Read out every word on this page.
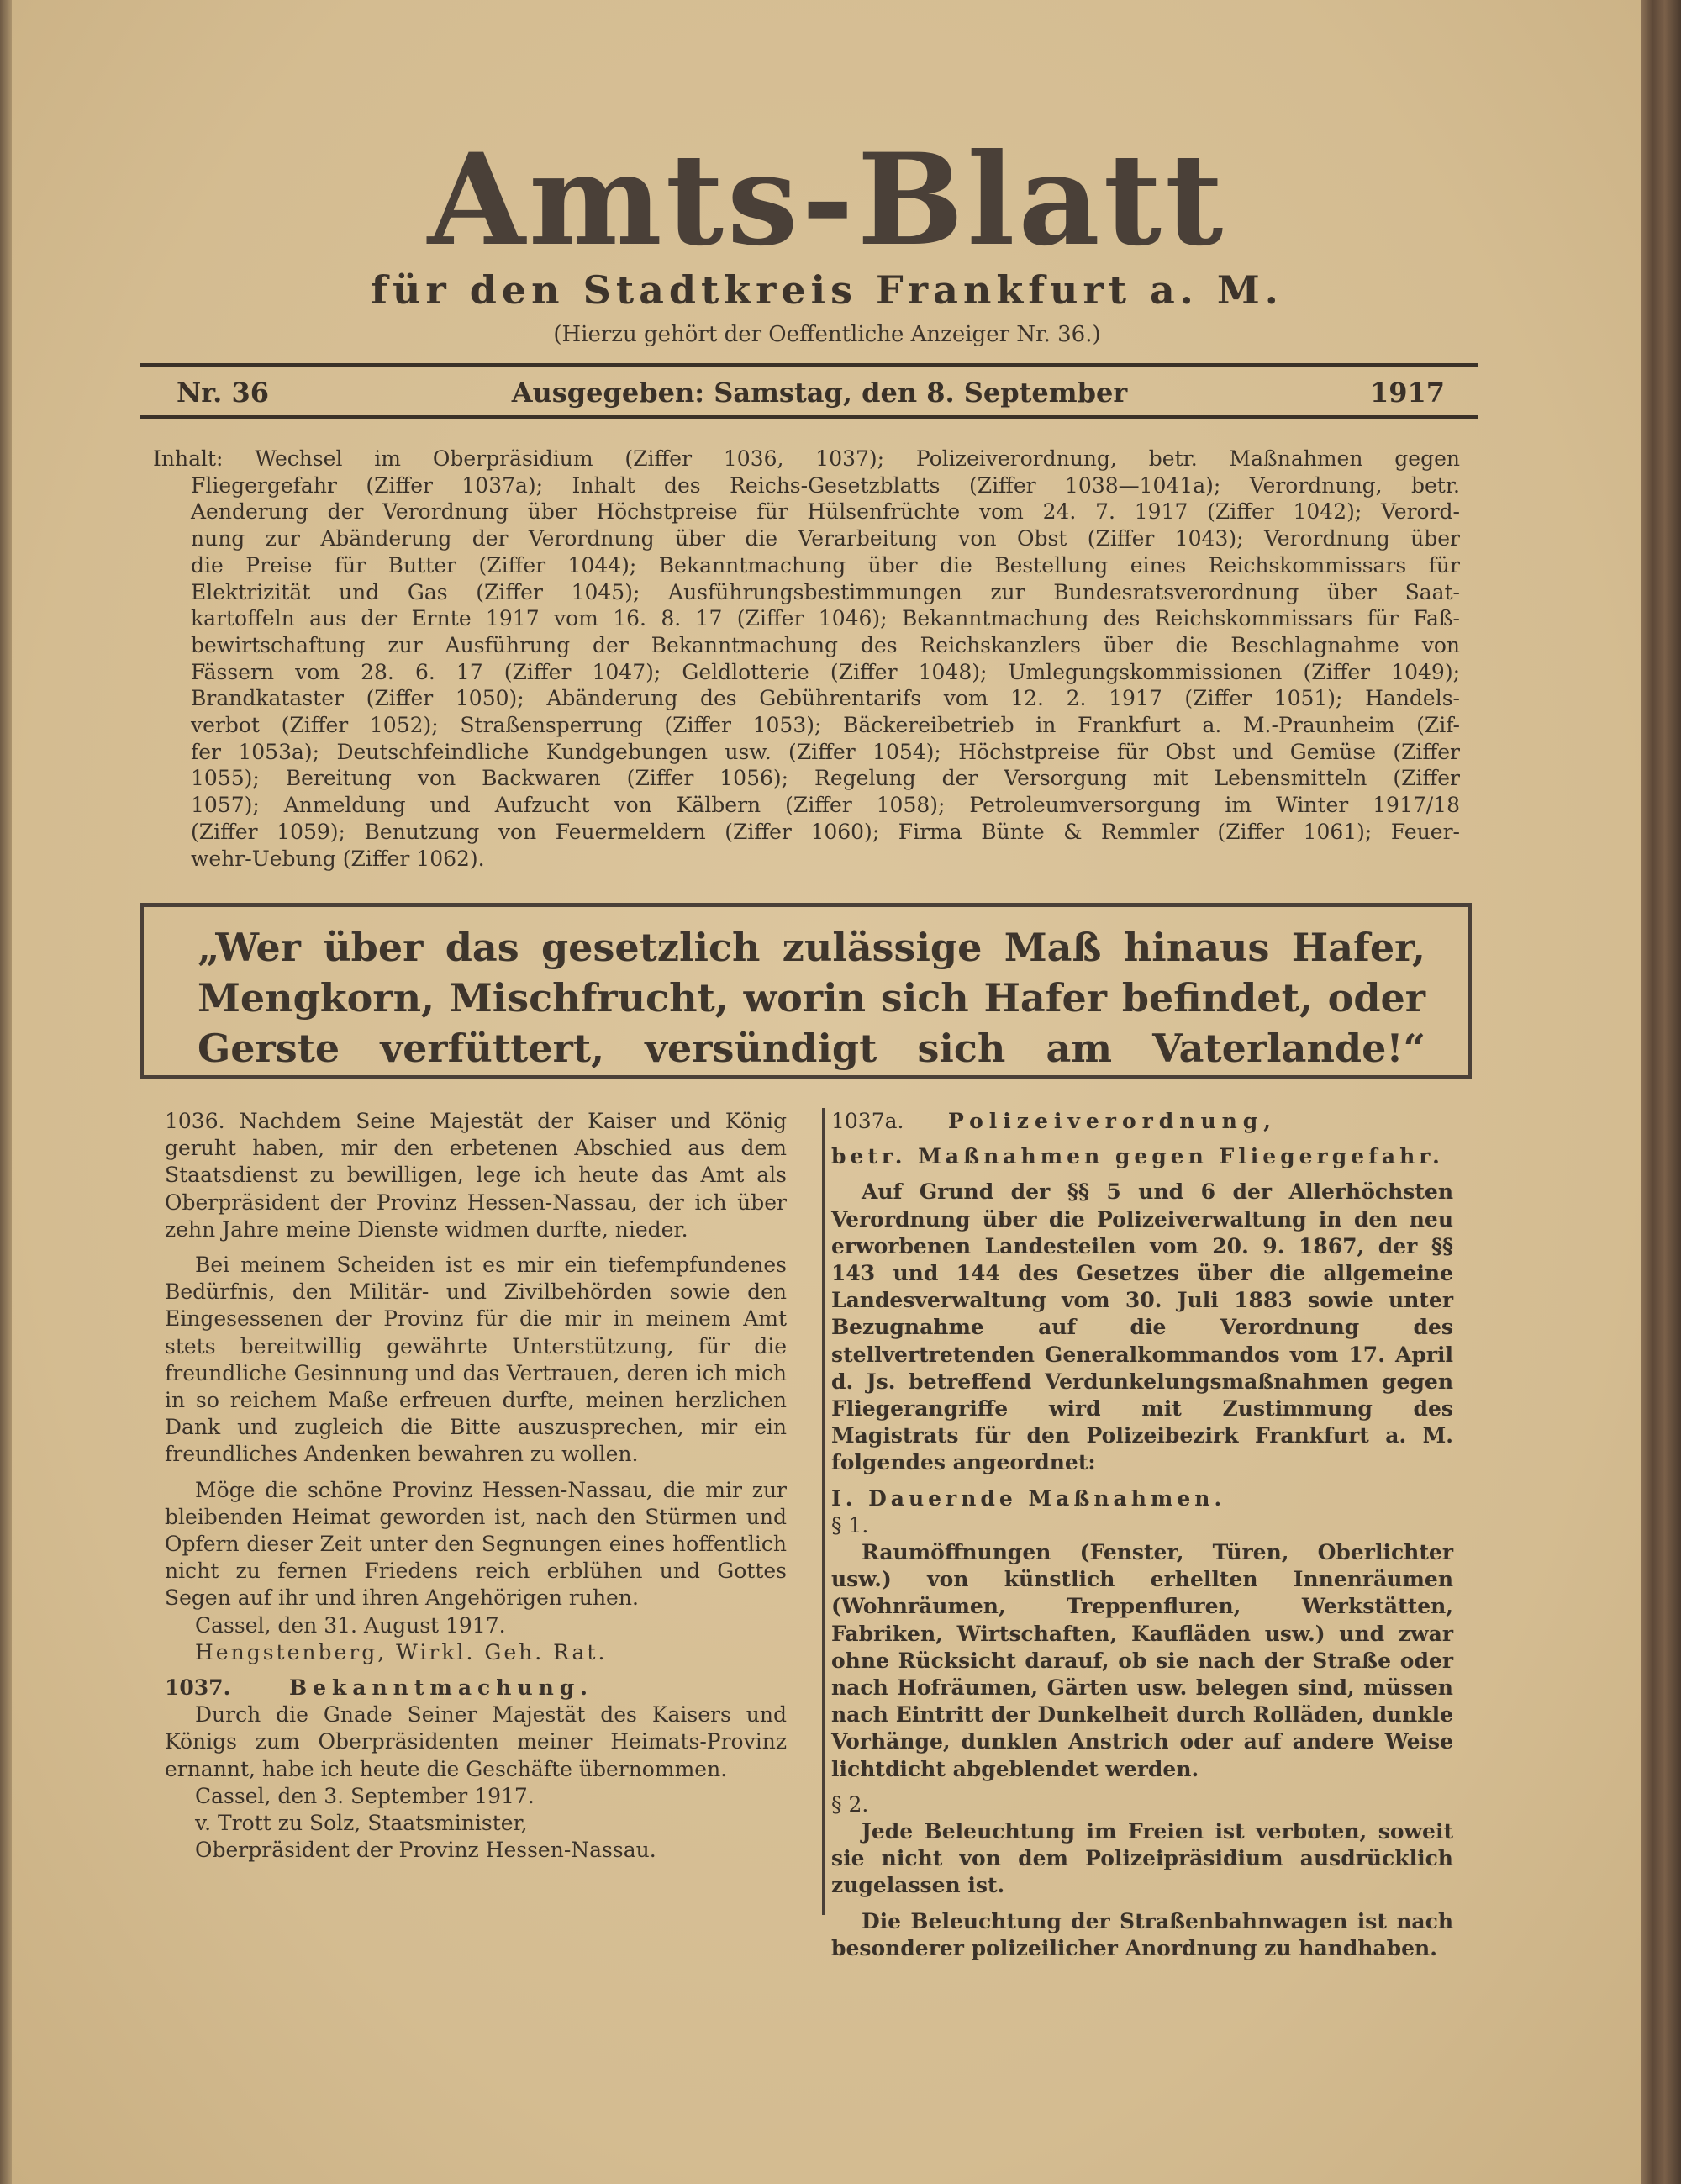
Amts-Blatt
für den Stadtkreis Frankfurt a. M.
(Hierzu gehört der Oeffentliche Anzeiger Nr. 36.)
Nr. 36	Ausgegeben: Samstag, den 8. September	1917
Inhalt: Wechsel im Oberpräsidium (Ziffer 1036, 1037); Polizeiverordnung, betr. Maßnahmen gegen
Fliegergefahr (Ziffer 1037a); Inhalt des Reichs-Gesetzblatts (Ziffer 1038—1041a); Verordnung, betr.
Aenderung der Verordnung über Höchstpreise für Hülsenfrüchte vom 24. 7. 1917 (Ziffer 1042); Verord-
nung zur Abänderung der Verordnung über die Verarbeitung von Obst (Ziffer 1043); Verordnung über
die Preise für Butter (Ziffer 1044); Bekanntmachung über die Bestellung eines Reichskommissars für
Elektrizität und Gas (Ziffer 1045); Ausführungsbestimmungen zur Bundesratsverordnung über Saat-
kartoffeln aus der Ernte 1917 vom 16. 8. 17 (Ziffer 1046); Bekanntmachung des Reichskommissars für Faß-
bewirtschaftung zur Ausführung der Bekanntmachung des Reichskanzlers über die Beschlagnahme von
Fässern vom 28. 6. 17 (Ziffer 1047); Geldlotterie (Ziffer 1048); Umlegungskommissionen (Ziffer 1049);
Brandkataster (Ziffer 1050); Abänderung des Gebührentarifs vom 12. 2. 1917 (Ziffer 1051); Handels-
verbot (Ziffer 1052); Straßensperrung (Ziffer 1053); Bäckereibetrieb in Frankfurt a. M.-Praunheim (Zif-
fer 1053a); Deutschfeindliche Kundgebungen usw. (Ziffer 1054); Höchstpreise für Obst und Gemüse (Ziffer
1055); Bereitung von Backwaren (Ziffer 1056); Regelung der Versorgung mit Lebensmitteln (Ziffer
1057); Anmeldung und Aufzucht von Kälbern (Ziffer 1058); Petroleumversorgung im Winter 1917/18
(Ziffer 1059); Benutzung von Feuermeldern (Ziffer 1060); Firma Bünte & Remmler (Ziffer 1061); Feuer-
wehr-Uebung (Ziffer 1062).
„Wer über das gesetzlich zulässige Maß hinaus Hafer,
Mengkorn, Mischfrucht, worin sich Hafer befindet, oder
Gerste verfüttert, versündigt sich am Vaterlande!“

1036. Nachdem Seine Majestät der Kaiser und König geruht haben, mir den erbetenen Abschied aus dem Staatsdienst zu bewilligen, lege ich heute das Amt als Oberpräsident der Provinz Hessen-Nassau, der ich über zehn Jahre meine Dienste widmen durfte, nieder.

Bei meinem Scheiden ist es mir ein tiefempfundenes Bedürfnis, den Militär- und Zivilbehörden sowie den Eingesessenen der Provinz für die mir in meinem Amt stets bereitwillig gewährte Unterstützung, für die freundliche Gesinnung und das Vertrauen, deren ich mich in so reichem Maße erfreuen durfte, meinen herzlichen Dank und zugleich die Bitte auszusprechen, mir ein freundliches Andenken bewahren zu wollen.

Möge die schöne Provinz Hessen-Nassau, die mir zur bleibenden Heimat geworden ist, nach den Stürmen und Opfern dieser Zeit unter den Segnungen eines hoffentlich nicht zu fernen Friedens reich erblühen und Gottes Segen auf ihr und ihren Angehörigen ruhen.

Cassel, den 31. August 1917.

Hengstenberg, Wirkl. Geh. Rat.

1037.	Bekanntmachung.

Durch die Gnade Seiner Majestät des Kaisers und Königs zum Oberpräsidenten meiner Heimats-Provinz ernannt, habe ich heute die Geschäfte übernommen.

Cassel, den 3. September 1917.

v. Trott zu Solz, Staatsminister,

Oberpräsident der Provinz Hessen-Nassau.

1037a. Polizeiverordnung,

betr. Maßnahmen gegen Fliegergefahr.

Auf Grund der §§ 5 und 6 der Allerhöchsten Verordnung über die Polizeiverwaltung in den neu erworbenen Landesteilen vom 20. 9. 1867, der §§ 143 und 144 des Gesetzes über die allgemeine Landesverwaltung vom 30. Juli 1883 sowie unter Bezugnahme auf die Verordnung des stellvertretenden Generalkommandos vom 17. April d. Js. betreffend Verdunkelungsmaßnahmen gegen Fliegerangriffe wird mit Zustimmung des Magistrats für den Polizeibezirk Frankfurt a. M. folgendes angeordnet:

I. Dauernde Maßnahmen.

§ 1.

Raumöffnungen (Fenster, Türen, Oberlichter usw.) von künstlich erhellten Innenräumen (Wohnräumen, Treppenfluren, Werkstätten, Fabriken, Wirtschaften, Kaufläden usw.) und zwar ohne Rücksicht darauf, ob sie nach der Straße oder nach Hofräumen, Gärten usw. belegen sind, müssen nach Eintritt der Dunkelheit durch Rolläden, dunkle Vorhänge, dunklen Anstrich oder auf andere Weise lichtdicht abgeblendet werden.

§ 2.

Jede Beleuchtung im Freien ist verboten, soweit sie nicht von dem Polizeipräsidium ausdrücklich zugelassen ist.

Die Beleuchtung der Straßenbahnwagen ist nach besonderer polizeilicher Anordnung zu handhaben.
